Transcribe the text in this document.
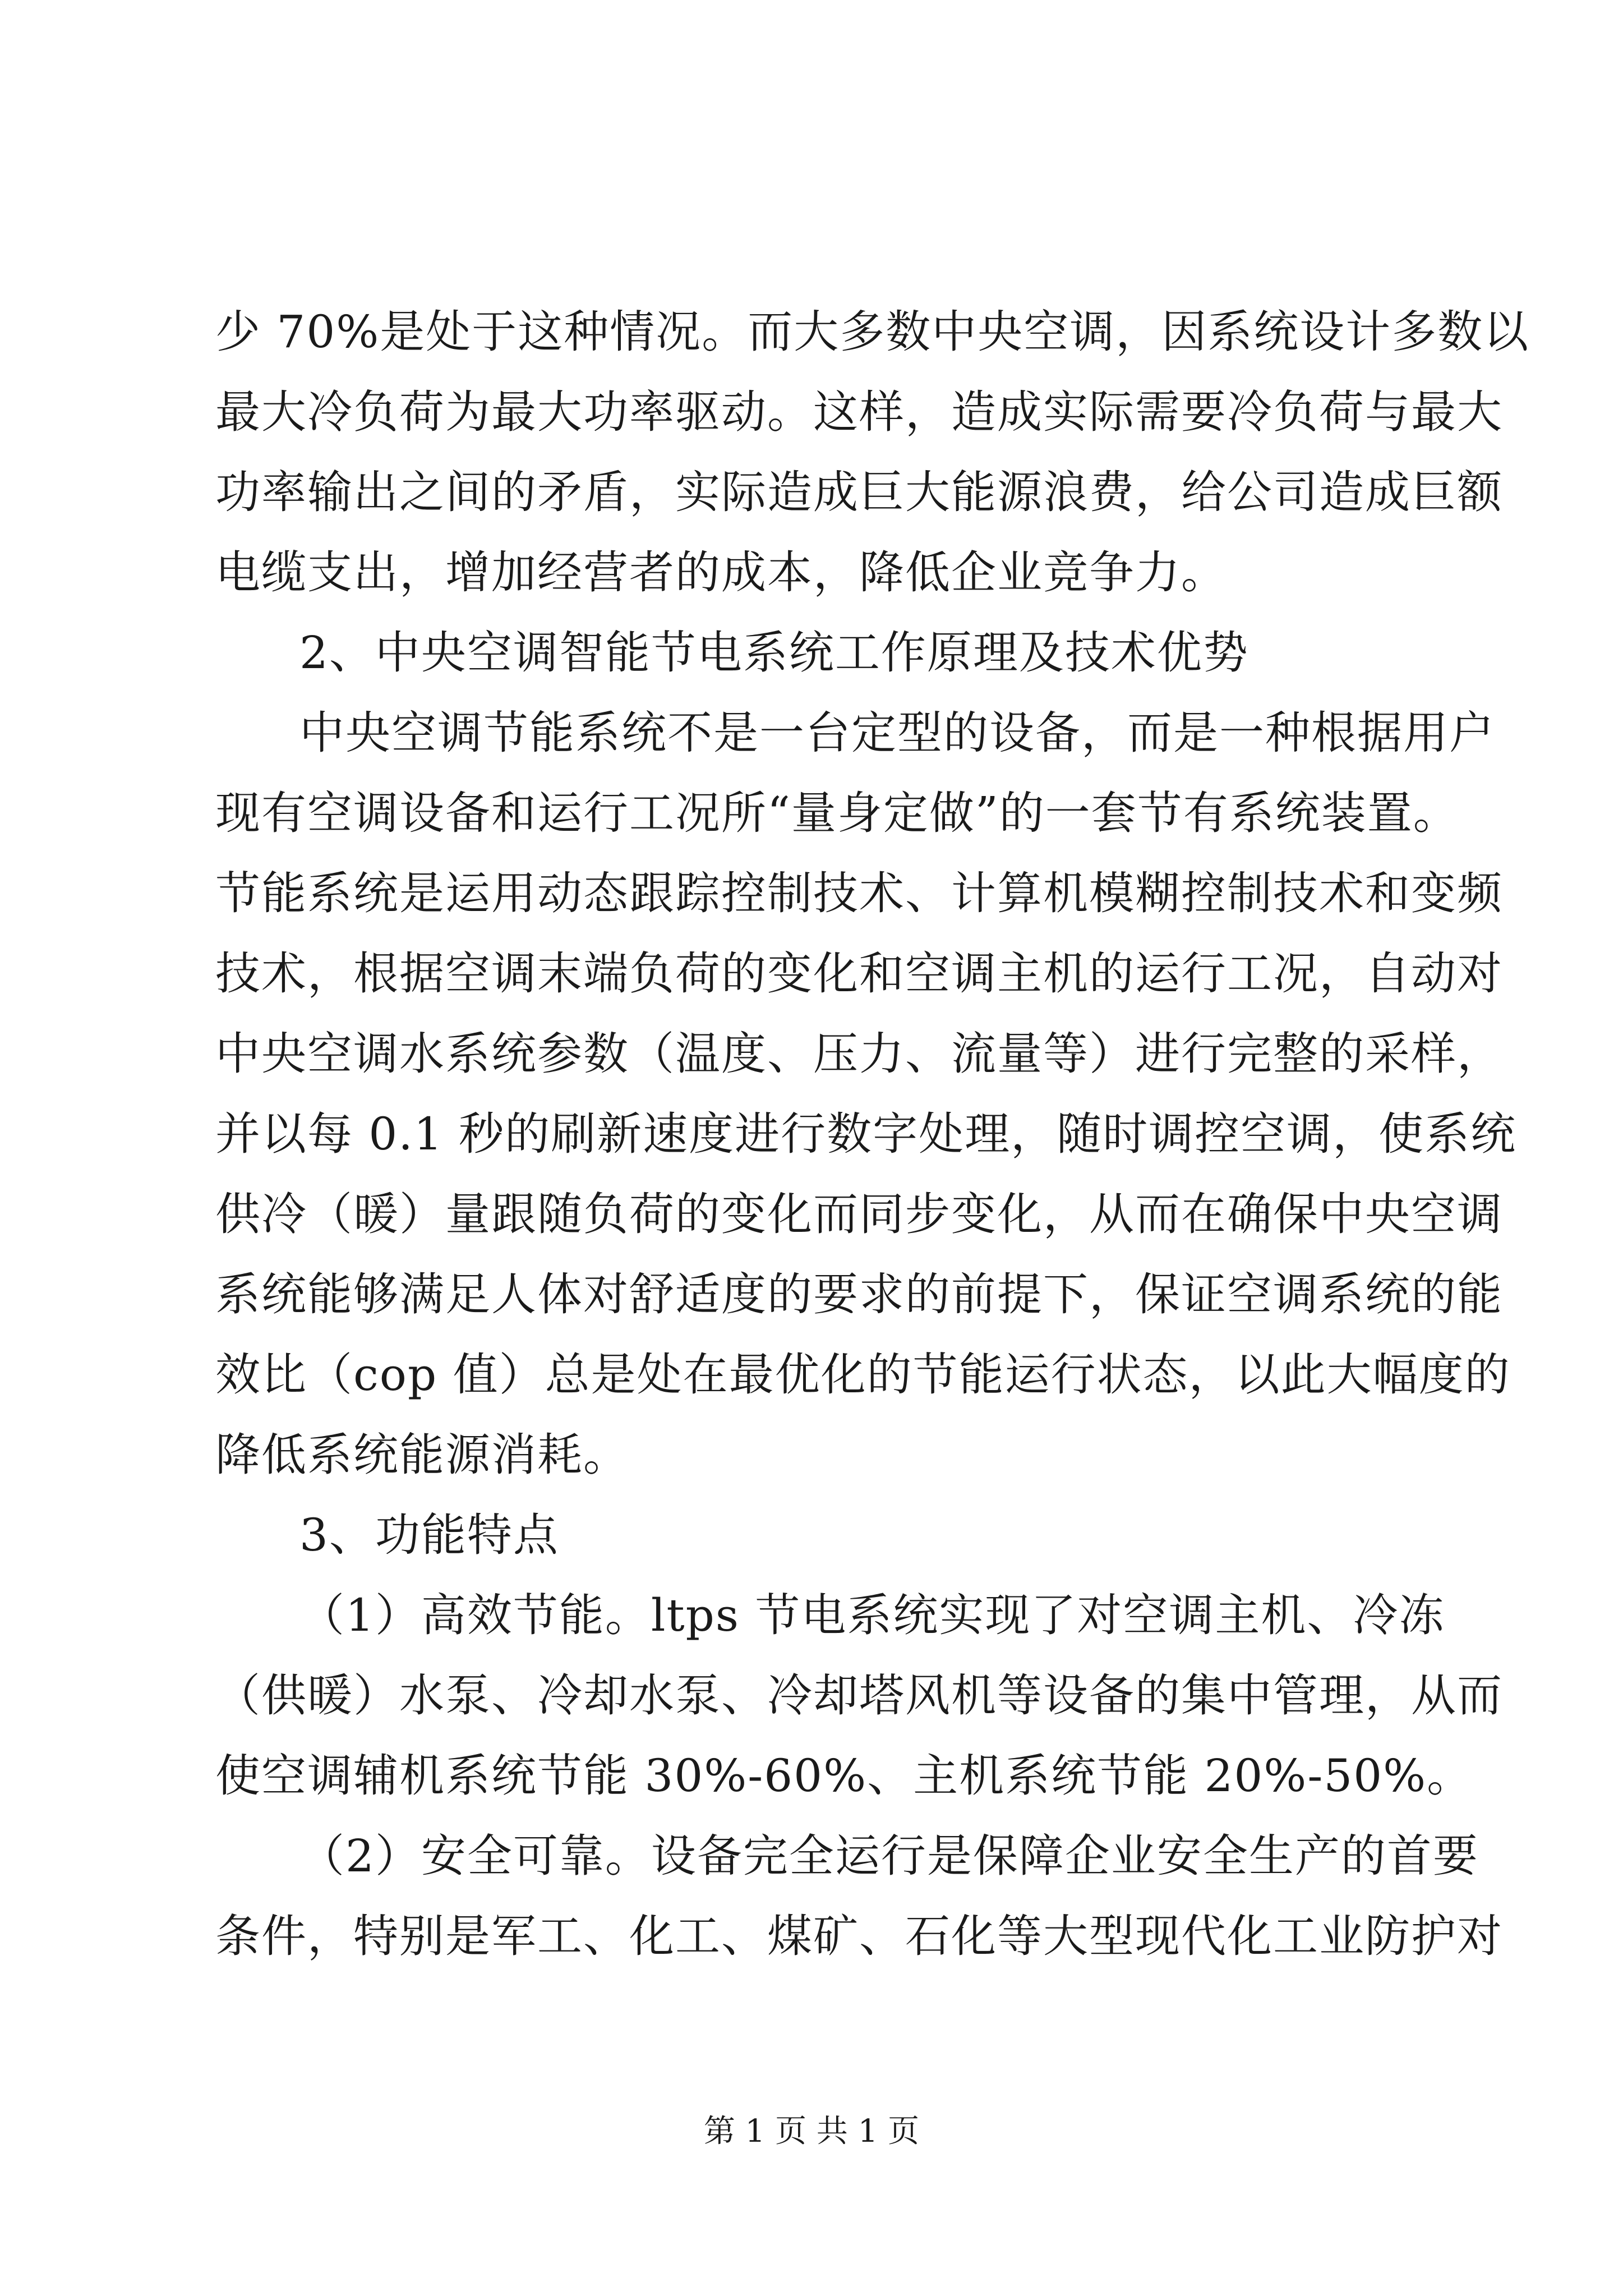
少 70%是处于这种情况。而大多数中央空调，因系统设计多数以
最大冷负荷为最大功率驱动。这样，造成实际需要冷负荷与最大
功率输出之间的矛盾，实际造成巨大能源浪费，给公司造成巨额
电缆支出，增加经营者的成本，降低企业竞争力。
2、中央空调智能节电系统工作原理及技术优势
中央空调节能系统不是一台定型的设备，而是一种根据用户
现有空调设备和运行工况所“量身定做”的一套节有系统装置。
节能系统是运用动态跟踪控制技术、计算机模糊控制技术和变频
技术，根据空调末端负荷的变化和空调主机的运行工况，自动对
中央空调水系统参数（温度、压力、流量等）进行完整的采样，
并以每 0.1 秒的刷新速度进行数字处理，随时调控空调，使系统
供冷（暖）量跟随负荷的变化而同步变化，从而在确保中央空调
系统能够满足人体对舒适度的要求的前提下，保证空调系统的能
效比（cop 值）总是处在最优化的节能运行状态，以此大幅度的
降低系统能源消耗。
3、功能特点
（1）高效节能。ltps 节电系统实现了对空调主机、冷冻
（供暖）水泵、冷却水泵、冷却塔风机等设备的集中管理，从而
使空调辅机系统节能 30%-60%、主机系统节能 20%-50%。
（2）安全可靠。设备完全运行是保障企业安全生产的首要
条件，特别是军工、化工、煤矿、石化等大型现代化工业防护对
第 1 页 共 1 页
